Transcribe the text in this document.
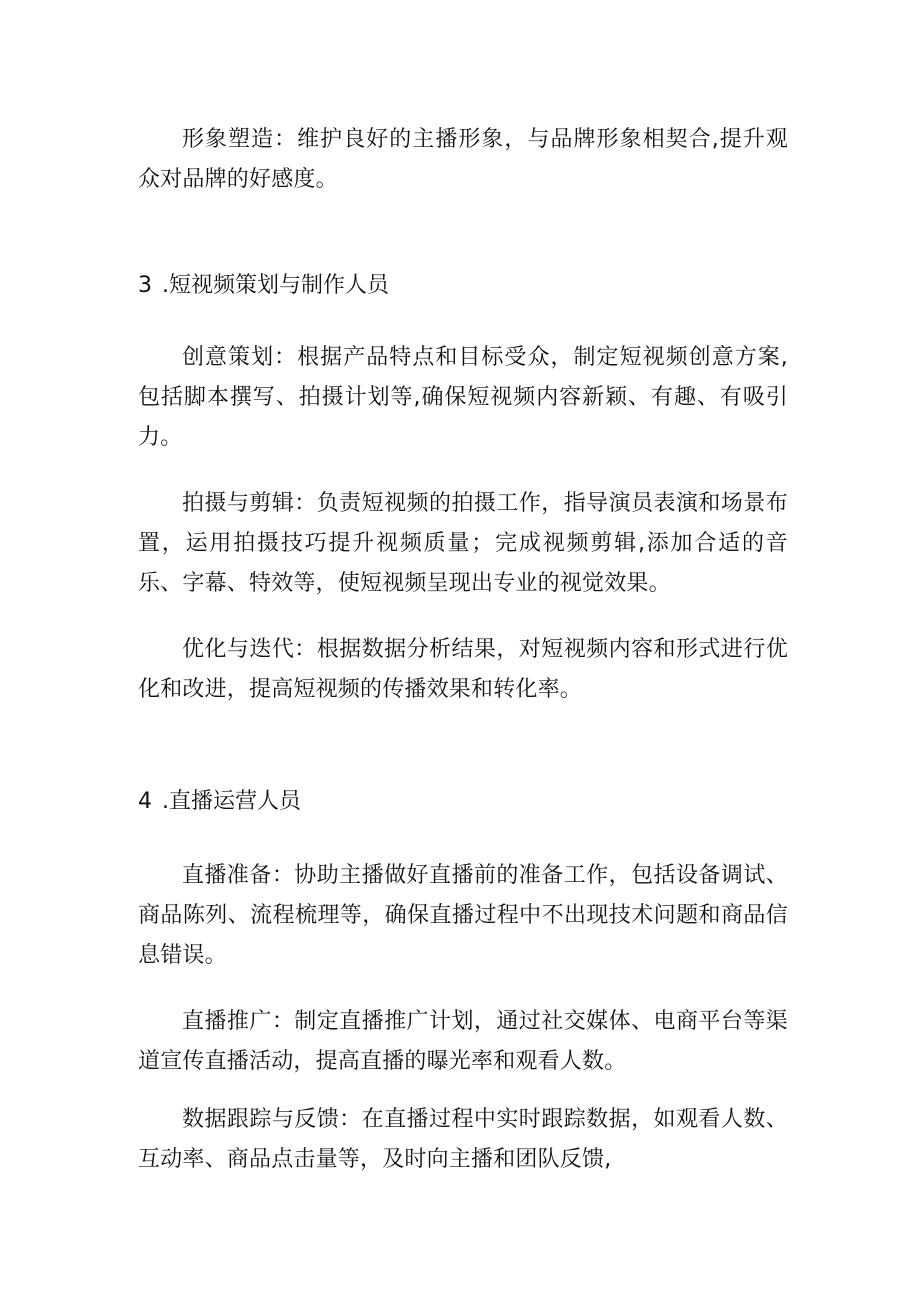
形象塑造：维护良好的主播形象，与品牌形象相契合,提升观众对品牌的好感度。

3 .短视频策划与制作人员

创意策划：根据产品特点和目标受众，制定短视频创意方案,包括脚本撰写、拍摄计划等,确保短视频内容新颖、有趣、有吸引力。

拍摄与剪辑：负责短视频的拍摄工作，指导演员表演和场景布置，运用拍摄技巧提升视频质量；完成视频剪辑,添加合适的音乐、字幕、特效等，使短视频呈现出专业的视觉效果。

优化与迭代：根据数据分析结果，对短视频内容和形式进行优化和改进，提高短视频的传播效果和转化率。

4 .直播运营人员

直播准备：协助主播做好直播前的准备工作，包括设备调试、商品陈列、流程梳理等，确保直播过程中不出现技术问题和商品信息错误。

直播推广：制定直播推广计划，通过社交媒体、电商平台等渠道宣传直播活动，提高直播的曝光率和观看人数。

数据跟踪与反馈：在直播过程中实时跟踪数据，如观看人数、互动率、商品点击量等，及时向主播和团队反馈,
